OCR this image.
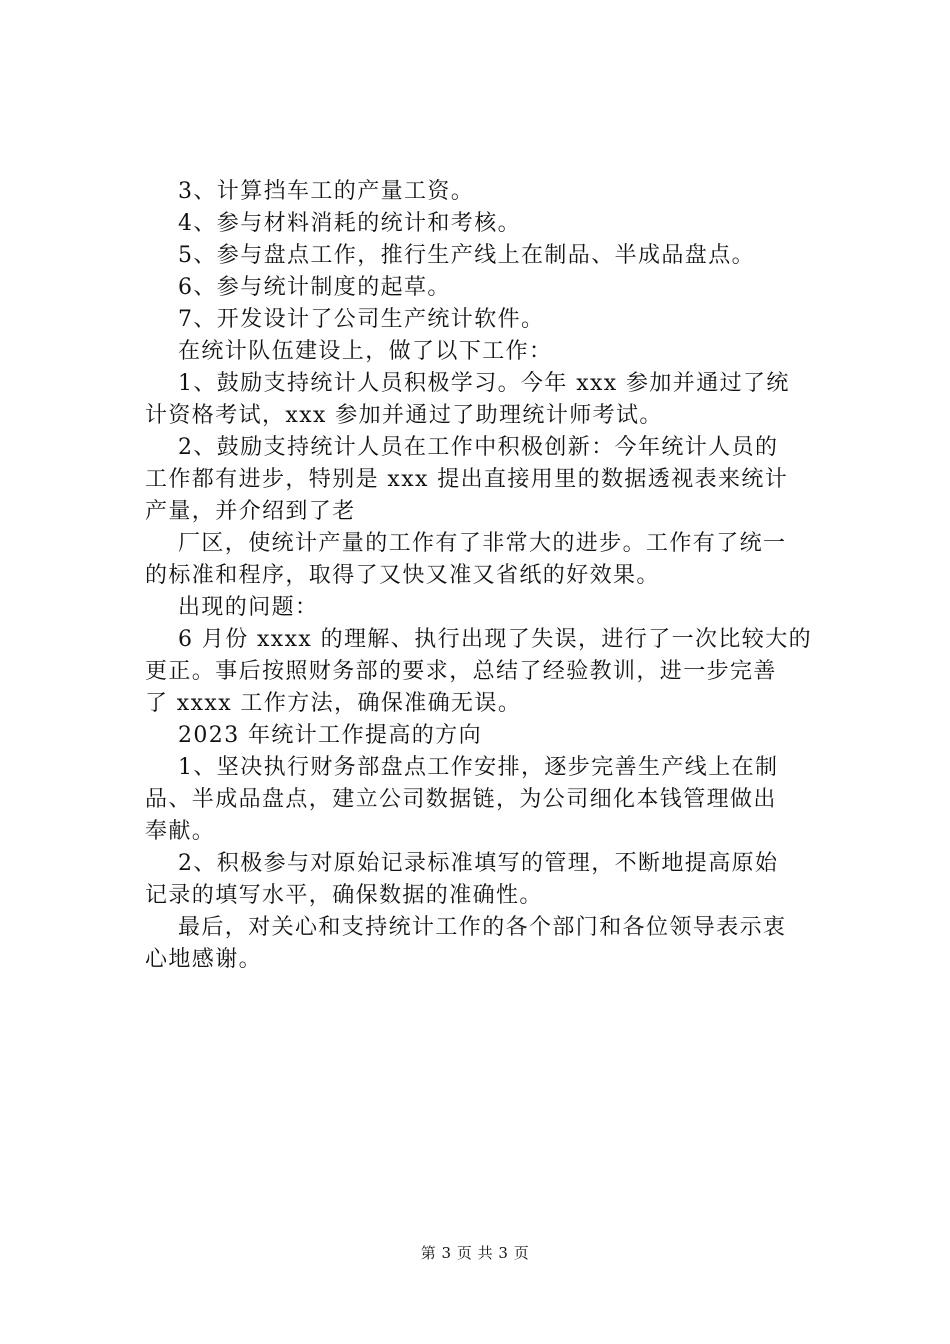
3、计算挡车工的产量工资。
4、参与材料消耗的统计和考核。
5、参与盘点工作，推行生产线上在制品、半成品盘点。
6、参与统计制度的起草。
7、开发设计了公司生产统计软件。
在统计队伍建设上，做了以下工作：
1、鼓励支持统计人员积极学习。今年 xxx 参加并通过了统
计资格考试，xxx 参加并通过了助理统计师考试。
2、鼓励支持统计人员在工作中积极创新：今年统计人员的
工作都有进步，特别是 xxx 提出直接用里的数据透视表来统计
产量，并介绍到了老
厂区，使统计产量的工作有了非常大的进步。工作有了统一
的标准和程序，取得了又快又准又省纸的好效果。
出现的问题：
6 月份 xxxx 的理解、执行出现了失误，进行了一次比较大的
更正。事后按照财务部的要求，总结了经验教训，进一步完善
了 xxxx 工作方法，确保准确无误。
2023 年统计工作提高的方向
1、坚决执行财务部盘点工作安排，逐步完善生产线上在制
品、半成品盘点，建立公司数据链，为公司细化本钱管理做出
奉献。
2、积极参与对原始记录标准填写的管理，不断地提高原始
记录的填写水平，确保数据的准确性。
最后，对关心和支持统计工作的各个部门和各位领导表示衷
心地感谢。
第 3 页 共 3 页
